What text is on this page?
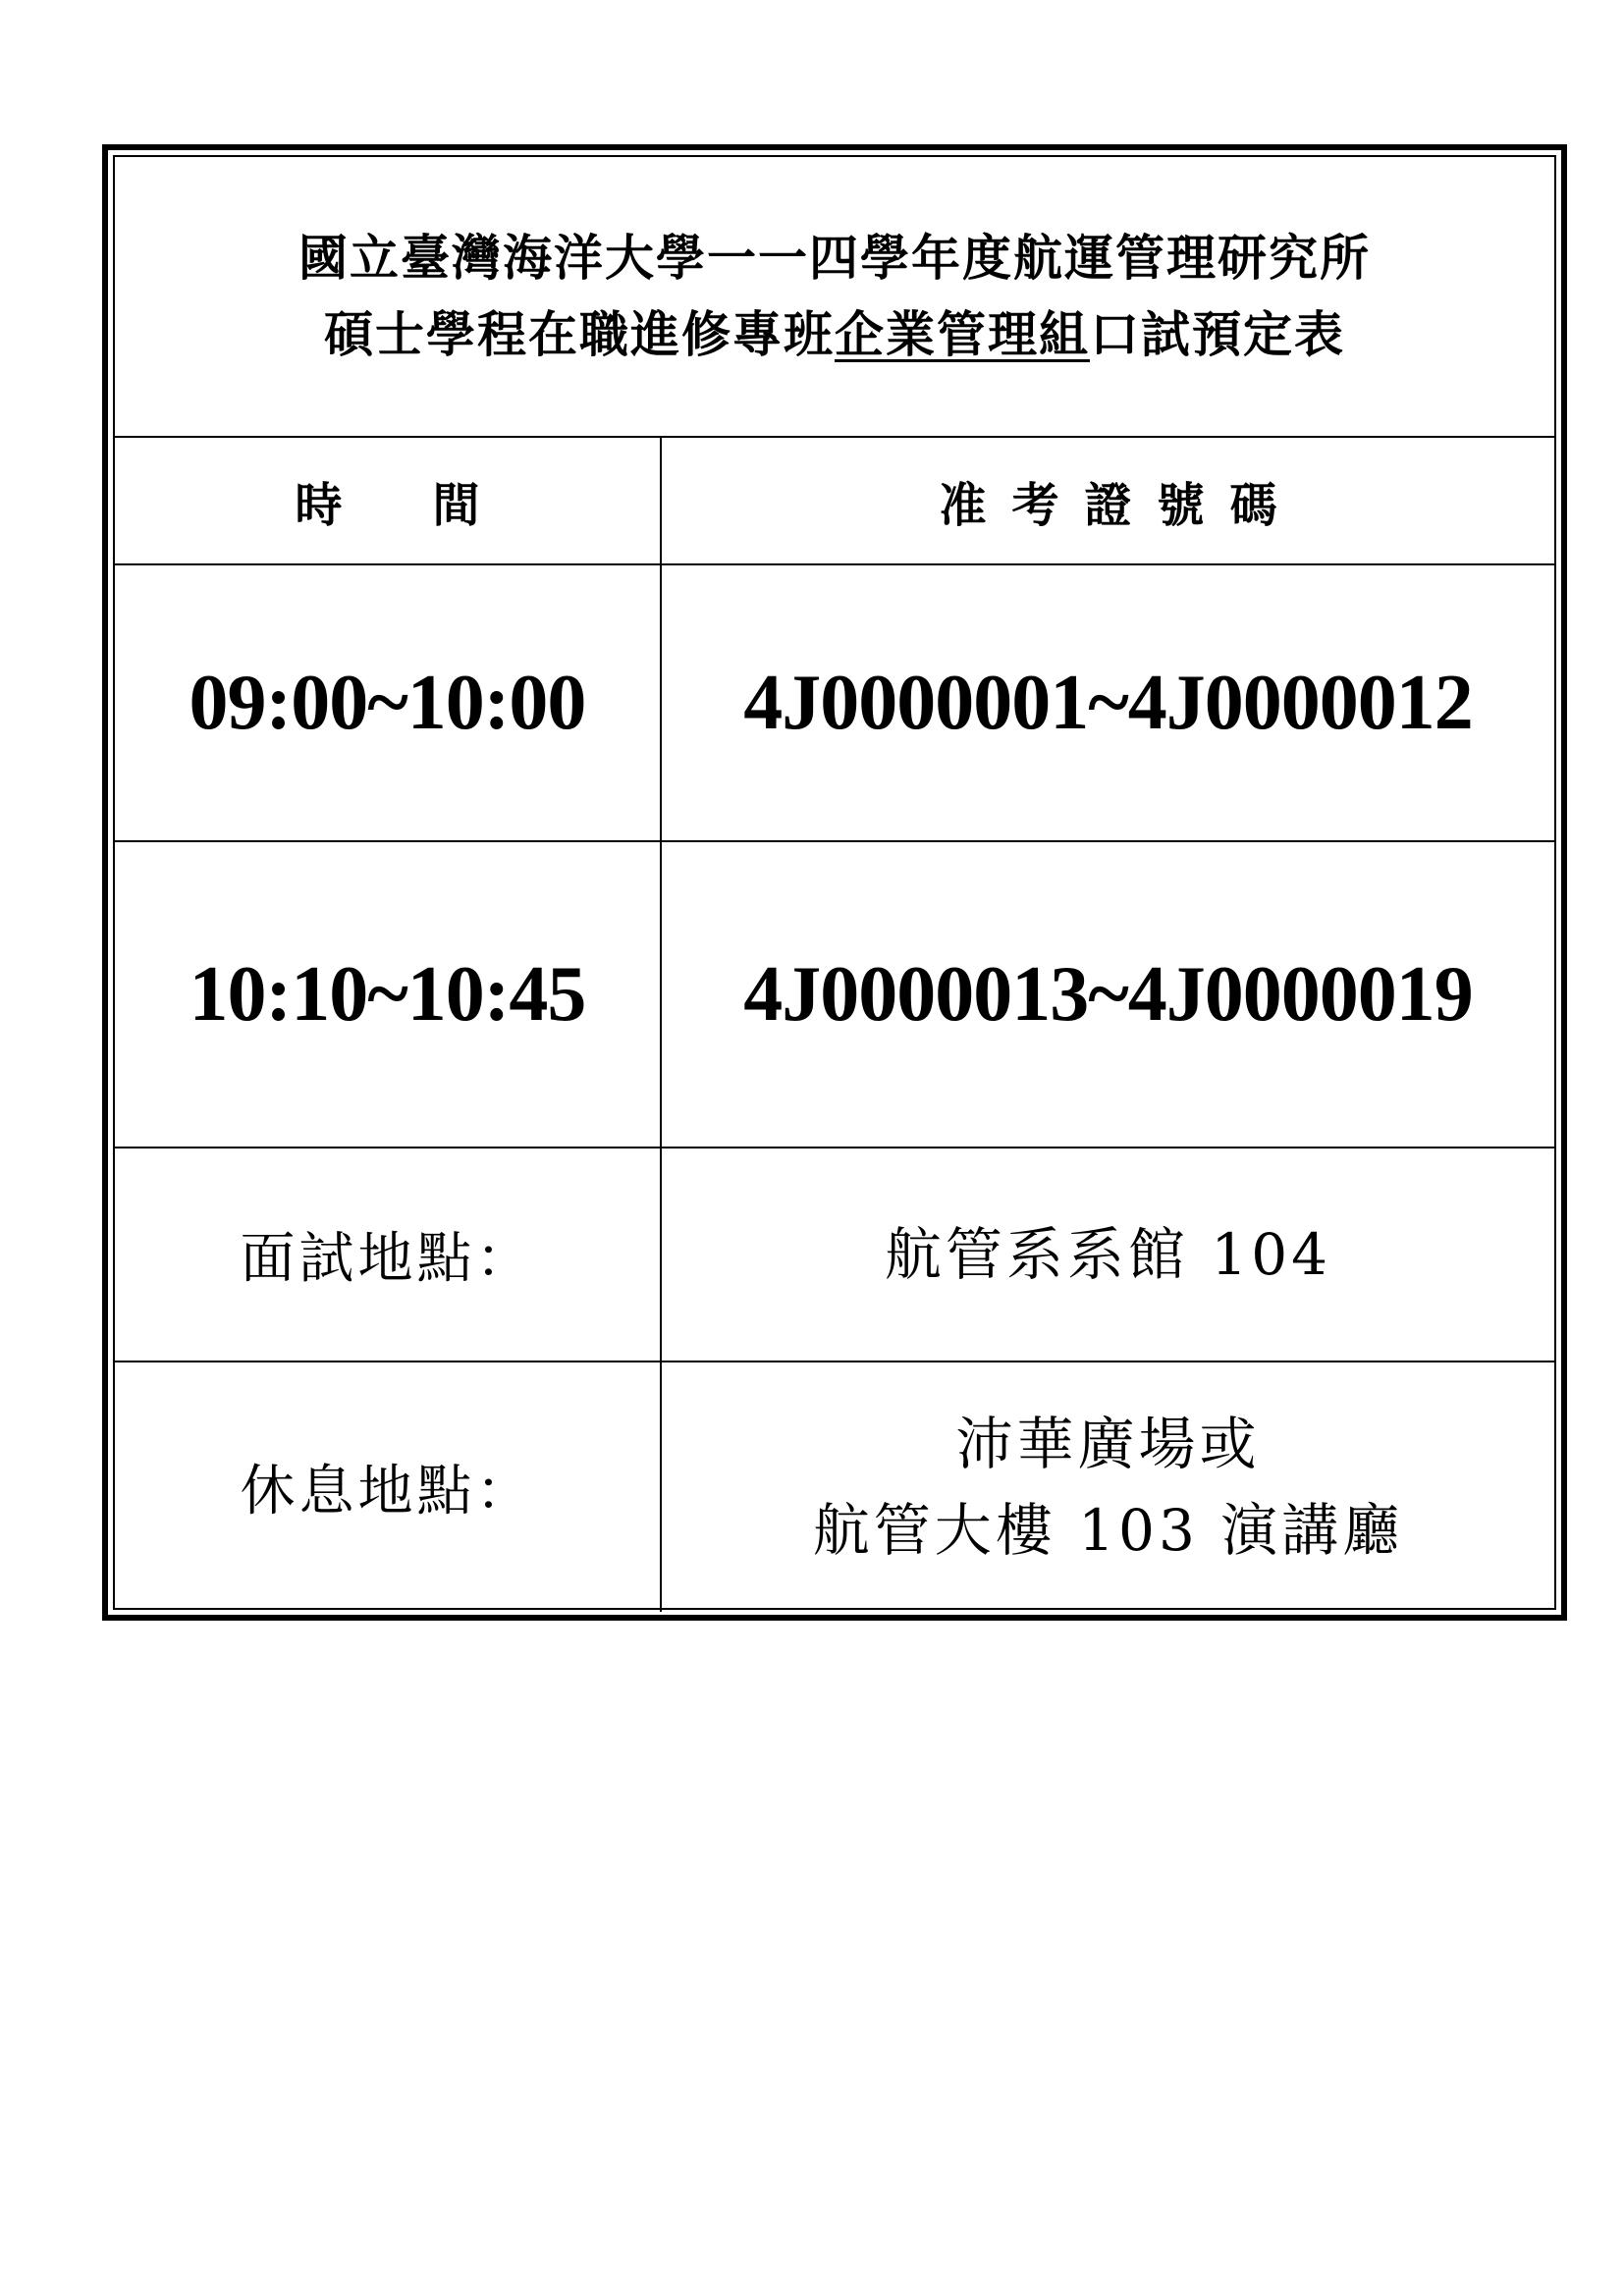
國立臺灣海洋大學一一四學年度航運管理研究所
碩士學程在職進修專班企業管理組口試預定表	

時間	准考證號碼
09:00~10:00	4J0000001~4J0000012
10:10~10:45	4J0000013~4J0000019
面試地點：	航管系系館 104
休息地點：	沛華廣場或
航管大樓 103 演講廳
